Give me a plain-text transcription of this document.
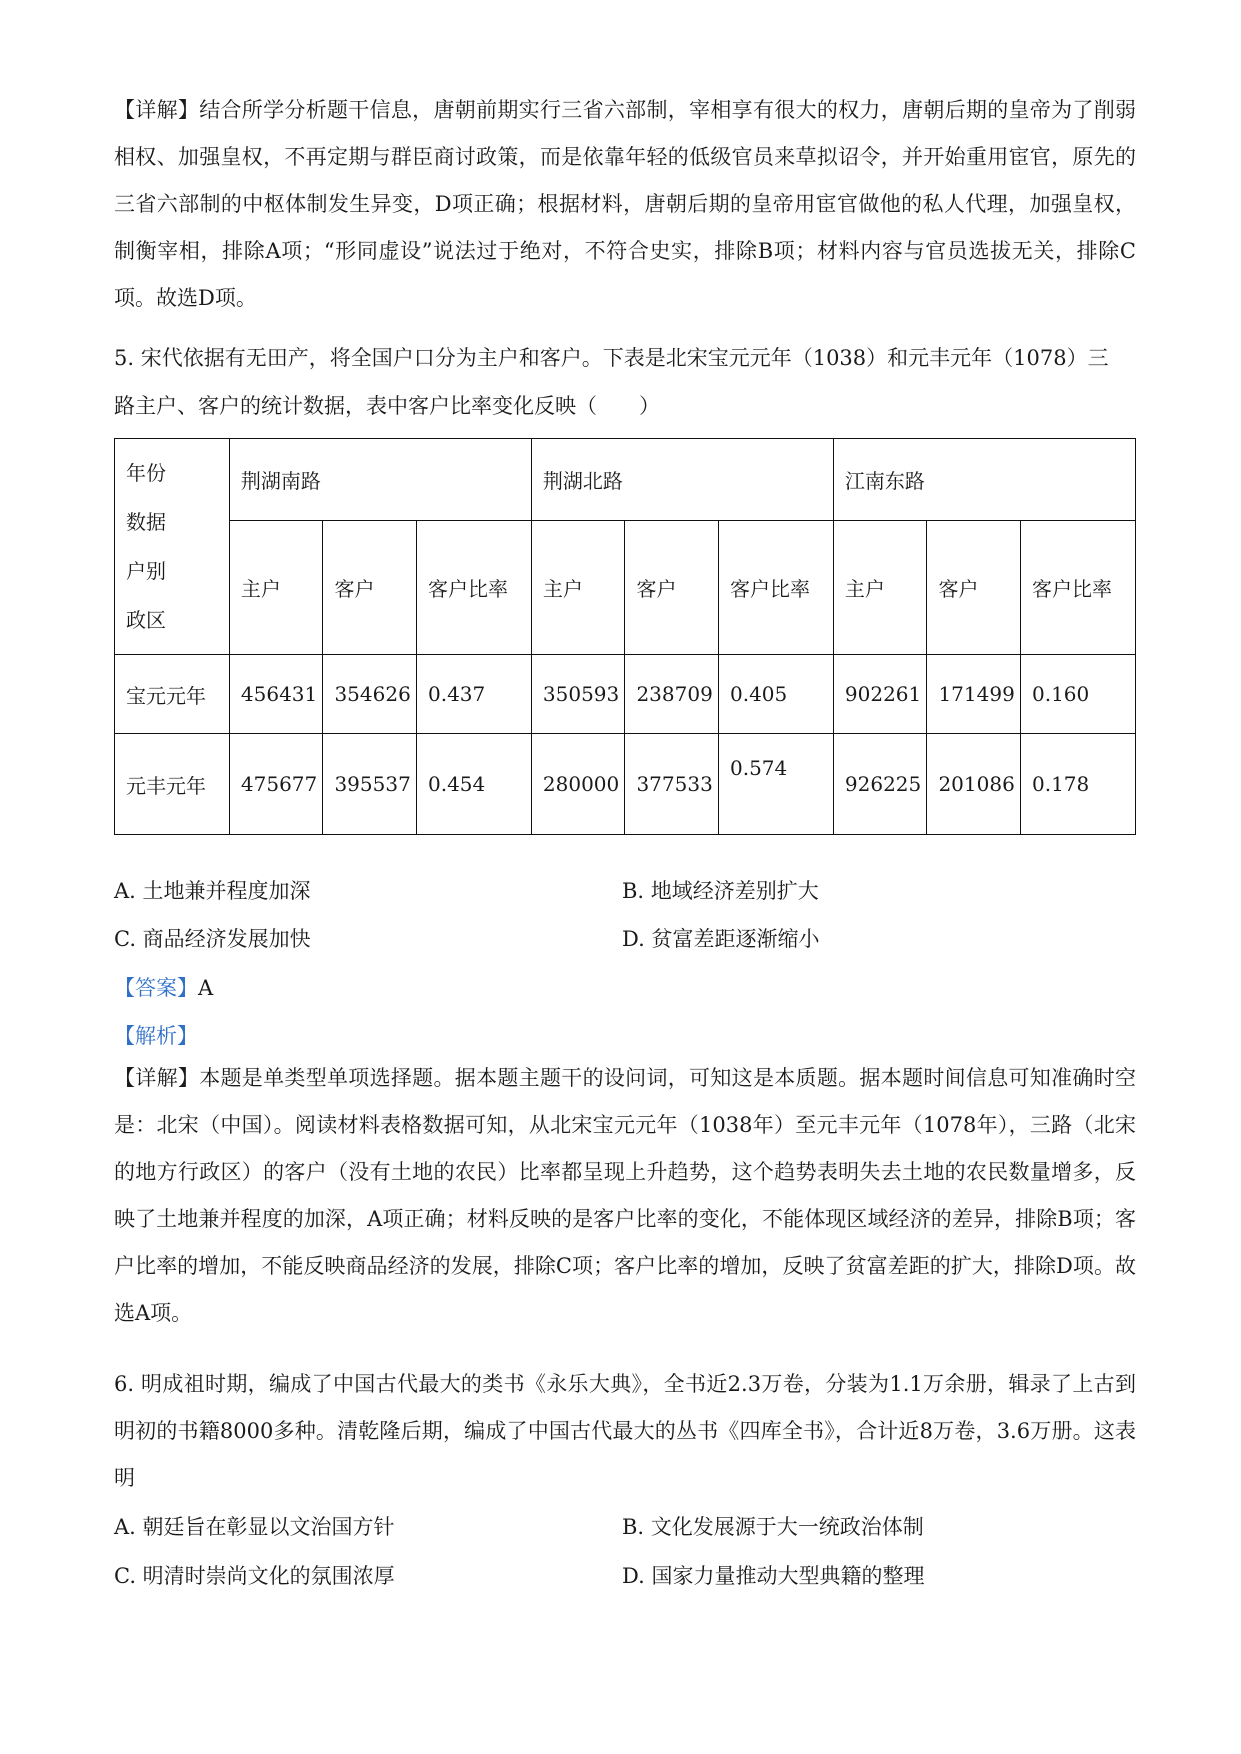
【详解】结合所学分析题干信息，唐朝前期实行三省六部制，宰相享有很大的权力，唐朝后期的皇帝为了削弱相权、加强皇权，不再定期与群臣商讨政策，而是依靠年轻的低级官员来草拟诏令，并开始重用宦官，原先的三省六部制的中枢体制发生异变，D项正确；根据材料，唐朝后期的皇帝用宦官做他的私人代理，加强皇权，制衡宰相，排除A项；“形同虚设”说法过于绝对，不符合史实，排除B项；材料内容与官员选拔无关，排除C项。故选D项。
5. 宋代依据有无田产，将全国户口分为主户和客户。下表是北宋宝元元年（1038）和元丰元年（1078）三
路主户、客户的统计数据，表中客户比率变化反映（　　）
年份
数据
户别
政区	荆湖南路			荆湖北路			江南东路		
	主户	客户	客户比率	主户	客户	客户比率	主户	客户	客户比率
宝元元年	456431	354626	0.437	350593	238709	0.405	902261	171499	0.160
元丰元年	475677	395537	0.454	280000	377533	0.574	926225	201086	0.178
A. 土地兼并程度加深	B. 地域经济差别扩大
C. 商品经济发展加快	D. 贫富差距逐渐缩小
【答案】A
【解析】
【详解】本题是单类型单项选择题。据本题主题干的设问词，可知这是本质题。据本题时间信息可知准确时空是：北宋（中国）。阅读材料表格数据可知，从北宋宝元元年（1038年）至元丰元年（1078年），三路（北宋的地方行政区）的客户（没有土地的农民）比率都呈现上升趋势，这个趋势表明失去土地的农民数量增多，反映了土地兼并程度的加深，A项正确；材料反映的是客户比率的变化，不能体现区域经济的差异，排除B项；客户比率的增加，不能反映商品经济的发展，排除C项；客户比率的增加，反映了贫富差距的扩大，排除D项。故选A项。
6. 明成祖时期，编成了中国古代最大的类书《永乐大典》，全书近2.3万卷，分装为1.1万余册，辑录了上古到明初的书籍8000多种。清乾隆后期，编成了中国古代最大的丛书《四库全书》，合计近8万卷，3.6万册。这表明
A. 朝廷旨在彰显以文治国方针	B. 文化发展源于大一统政治体制
C. 明清时崇尚文化的氛围浓厚	D. 国家力量推动大型典籍的整理
